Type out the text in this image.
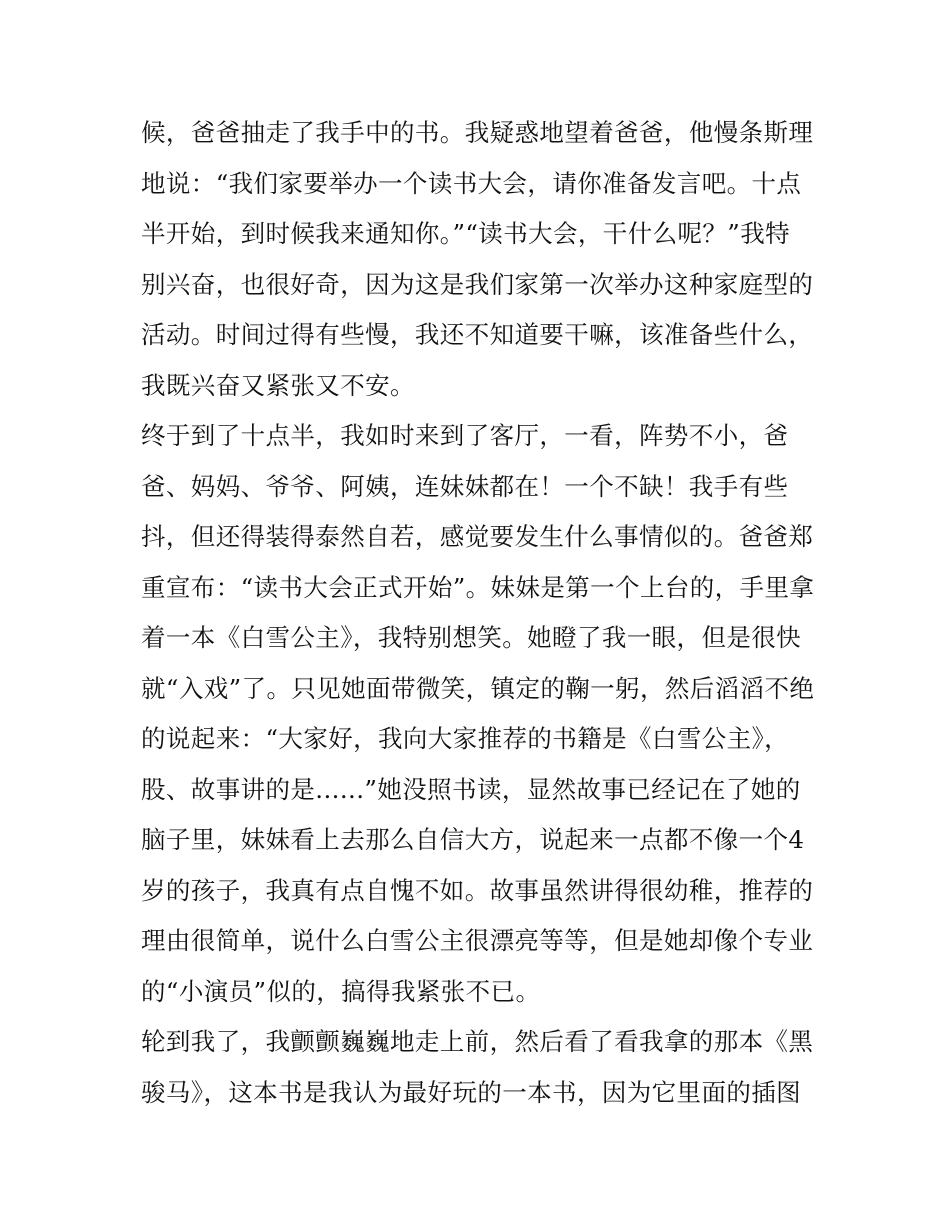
候，爸爸抽走了我手中的书。我疑惑地望着爸爸，他慢条斯理
地说：“我们家要举办一个读书大会，请你准备发言吧。十点
半开始，到时候我来通知你。”“读书大会，干什么呢？”我特
别兴奋，也很好奇，因为这是我们家第一次举办这种家庭型的
活动。时间过得有些慢，我还不知道要干嘛，该准备些什么，
我既兴奋又紧张又不安。
终于到了十点半，我如时来到了客厅，一看，阵势不小，爸
爸、妈妈、爷爷、阿姨，连妹妹都在！一个不缺！我手有些
抖，但还得装得泰然自若，感觉要发生什么事情似的。爸爸郑
重宣布：“读书大会正式开始”。妹妹是第一个上台的，手里拿
着一本《白雪公主》，我特别想笑。她瞪了我一眼，但是很快
就“入戏”了。只见她面带微笑，镇定的鞠一躬，然后滔滔不绝
的说起来：“大家好，我向大家推荐的书籍是《白雪公主》，
股、故事讲的是......”她没照书读，显然故事已经记在了她的
脑子里，妹妹看上去那么自信大方，说起来一点都不像一个4
岁的孩子，我真有点自愧不如。故事虽然讲得很幼稚，推荐的
理由很简单，说什么白雪公主很漂亮等等，但是她却像个专业
的“小演员”似的，搞得我紧张不已。
轮到我了，我颤颤巍巍地走上前，然后看了看我拿的那本《黑
骏马》，这本书是我认为最好玩的一本书，因为它里面的插图
